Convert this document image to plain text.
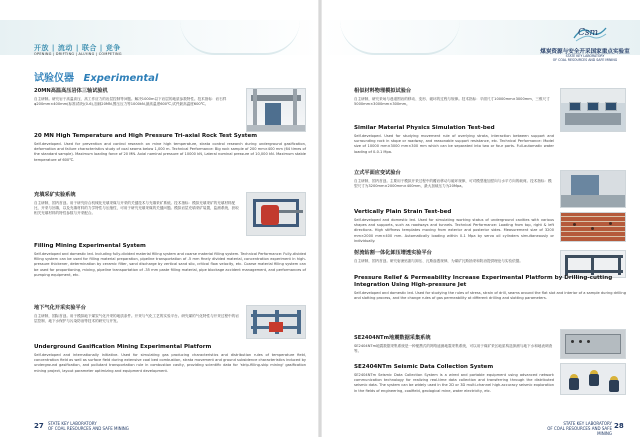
开放 | 流动 | 联合 | 竞争
OPENING | DRIFTING | ALLYING | COMPETING
试验仪器 Experimental
20MN高温高压岩体三轴试验机
自主研制。研究岩于高温高压、高工作应力的岩层控制等问题。解决1000m以下岩层的地质参数特性。技术指标：岩石样φ200mm×400mm(标准试块)(0-6),加载20MN,围压压力等1000kN,最高温度600℃,试件最高温度600℃。
20 MN High Temperature and High Pressure Tri-axial Rock Test System
Self-developed. Used for prevention and control research on mine high temperature, strata control research during underground gasification, deformation and failure characteristics study of coal seams below 1,000 m. Technical Performance: Big rock sample of 200 mm×400 mm (64 times of the standard sample). Maximum loading force of 20 MN. Axial nominal pressure of 10000 kN, Lateral nominal pressure of 10,000 kN. Maximum stable temperature of 600℃.
充填采矿实验系统
自主研制，国内首创。用于研究综合机械化充填采煤与开采的关键技术与充填采矿系统。技术指标：模拟充填采矿的充填材料配比、开采与回填，以及充填材料的力学特性与压缩性，可用于研究充填采煤的关键问题。模拟岩层充填采矿装置，监测系统，获取相关充填材料的特性参数与开采配合。
Filling Mining Experimental System
Self-developed and domestic led. Including fully-divided material filling system and coarse material filling system. Technical Performance: Fully-divided filling system can be used for filling material preparation, pipeline transportation of -5 mm finely divided material, concentration experiment in high-pressure thickener, determination by ceramic filter, sand discharge by vertical sand silo, critical flow velocity, etc. Coarse material filling system can be used for proportioning, mixing, pipeline transportation of -35 mm paste filling material, pipe blockage accident management, and performances of pumping equipment, etc.
地下气化开采实验平台
自主研制，国际首创。用于模拟地下煤炭气化开采的地质条件。开采与气化工艺的实验平台。研究煤的气化特性与开采过程中的岩层控制、地下水保护与污染防治等技术的研究与开发。
Underground Gasification Mining Experimental Platform
Self-developed and internationally initiative. Used for simulating gas producing characteristics and distribution rules of temperature field, concentration field as well as surface field during extensive coal bed combustion, strata movement and ground subsidence characteristics induced by underground gasification, and pollutant transportation rule in combustion cavity, providing scientific data for 'strip-filling-skip mining' gasification mining project, layout parameter optimizing and equipment development.
27 STATE KEY LABORATORY
OF COAL RESOURCES AND SAFE MINING
Csm
煤炭资源与安全开采国家重点实验室
STATE KEY LABORATORY
OF COAL RESOURCES AND SAFE MINING
相似材料物理模拟试验台
自主研制，研究采场与巷道围岩的移动、变形、破坏的过程与规律。技术指标：平面尺寸10000mm×3000mm，三维尺寸5000mm×3000mm×300mm。
Similar Material Physics Simulation Test-bed
Self-developed. Used for studying movement rule of overlying strata, interaction between support and surrounding rock in stope or roadway, and reasonable support resistance, etc. Technical Performance: Model size of 10000 mm×3000 mm×300 mm which can be separated into two or four parts. Full-automatic water loading of 0-0.1 Mpa.
立式平面应变试验台
自主研制，国内首创。主要用于模拟开采过程中的覆岩移动与破坏规律，可对模型施加竖向与水平方向的载荷。技术指标：模型尺寸为3200mm×2000mm×400mm，最大加载压力为20Mpa。
Vertically Plain Strain Test-bed
Self-developed and domestic led. Used for simulating working status of underground cavities with various shapes and supports, such as roadways and tunnels. Technical Performance: Loading from top, right & left directions. High stiffness templates moving from exterior and posterior sides. Measurement size of 3200 mm×2000 mm×400 mm. Automatically loading within 0-1 Mpa by servo oil cylinders simultaneously or individually.
射流钻割一体化卸压增透实验平台
自主研制，国内首创。研究射流钻割与卸压、瓦斯渗透规律，为煤矿瓦斯抽采和防治提供理论与实验依据。
Pressure Relief & Permeability Increase Experimental Platform by Drilling-cutting Integration Using High-pressure Jet
Self-developed and domestic led. Used for studying the rules of stress, strain of drill, seams around the flat slot and interior of a sample during drilling and slotting process, and the change rules of gas permeability at different drilling and slotting parameters.
SE2404NTm地震数据采集系统
SE2404NTm地震数据采集系统是一种便携式的网络遥测地震采集系统，可以用于煤矿采区地质构造探测与地下水和地表调查等。
SE2404NTm Seismic Data Collection System
SE2404NTm Seismic Data Collection System is a wired and portable equipment using advanced network communication technology for realizing real-time data collection and transferring through the distributed seismic data. The system can be widely used in the 2D or 3D multi-channel high-accuracy seismic exploration in the fields of engineering, coalfield, geological mine, water electricity, etc.
STATE KEY LABORATORY
OF COAL RESOURCES AND SAFE MINING
28
